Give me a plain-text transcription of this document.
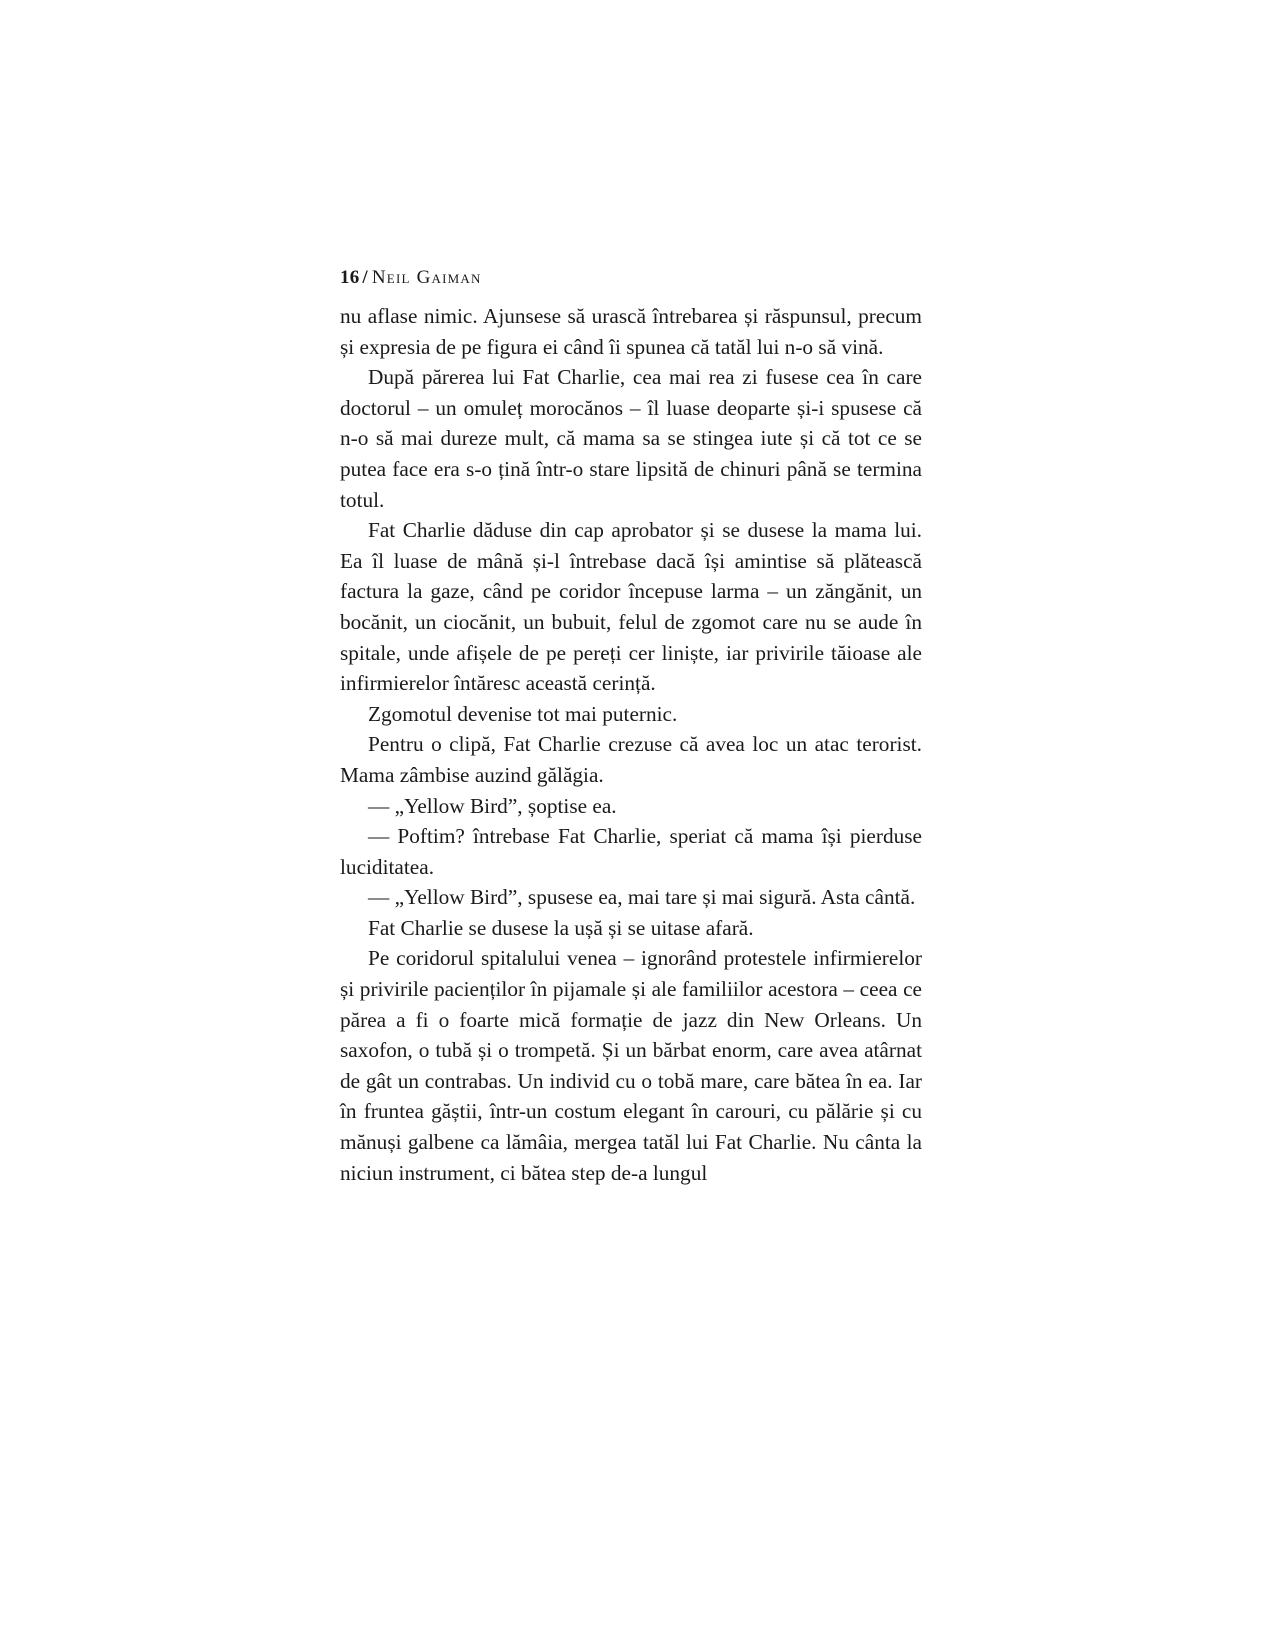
16 / Neil Gaiman

nu aflase nimic. Ajunsese să urască întrebarea și răspunsul, precum și expresia de pe figura ei când îi spunea că tatăl lui n-o să vină.

După părerea lui Fat Charlie, cea mai rea zi fusese cea în care doctorul – un omuleț morocănos – îl luase deoparte și-i spusese că n-o să mai dureze mult, că mama sa se stingea iute și că tot ce se putea face era s-o țină într-o stare lipsită de chinuri până se termina totul.

Fat Charlie dăduse din cap aprobator și se dusese la mama lui. Ea îl luase de mână și-l întrebase dacă își amintise să plătească factura la gaze, când pe coridor începuse larma – un zăngănit, un bocănit, un ciocănit, un bubuit, felul de zgomot care nu se aude în spitale, unde afișele de pe pereți cer liniște, iar privirile tăioase ale infirmierelor întăresc această cerință.

Zgomotul devenise tot mai puternic.

Pentru o clipă, Fat Charlie crezuse că avea loc un atac terorist. Mama zâmbise auzind gălăgia.

— „Yellow Bird”, șoptise ea.

— Poftim? întrebase Fat Charlie, speriat că mama își pierduse luciditatea.

— „Yellow Bird”, spusese ea, mai tare și mai sigură. Asta cântă.

Fat Charlie se dusese la ușă și se uitase afară.

Pe coridorul spitalului venea – ignorând protestele infirmierelor și privirile pacienților în pijamale și ale familiilor acestora – ceea ce părea a fi o foarte mică formație de jazz din New Orleans. Un saxofon, o tubă și o trompetă. Și un bărbat enorm, care avea atârnat de gât un contrabas. Un individ cu o tobă mare, care bătea în ea. Iar în fruntea găștii, într-un costum elegant în carouri, cu pălărie și cu mănuși galbene ca lămâia, mergea tatăl lui Fat Charlie. Nu cânta la niciun instrument, ci bătea step de-a lungul
